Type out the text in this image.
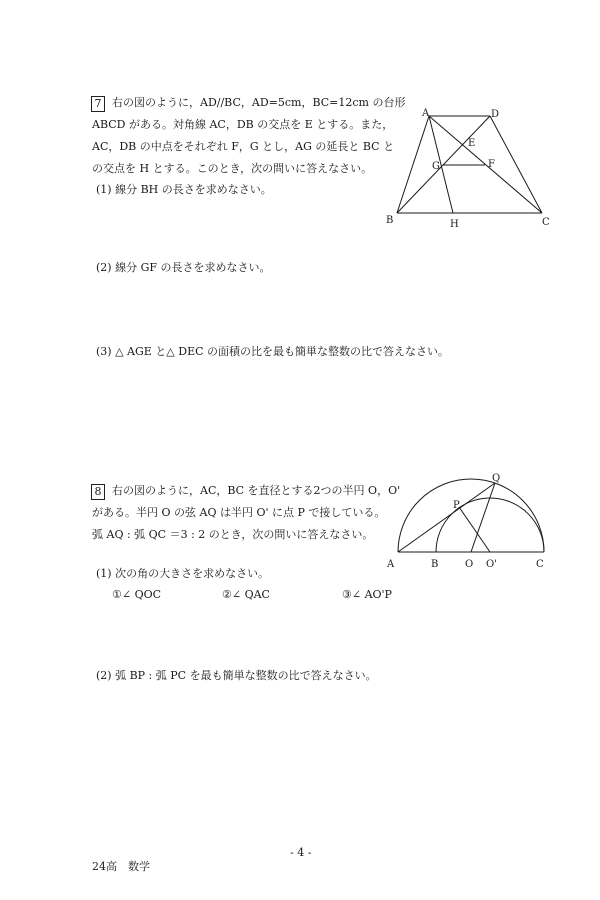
7 右の図のように，AD//BC，AD=5cm，BC=12cm の台形
ABCD がある。対角線 AC，DB の交点を E とする。また，
AC，DB の中点をそれぞれ F，G とし，AG の延長と BC と
の交点を H とする。このとき，次の問いに答えなさい。
(1) 線分 BH の長さを求めなさい。
(2) 線分 GF の長さを求めなさい。
(3) △ AGE と△ DEC の面積の比を最も簡単な整数の比で答えなさい。
A	D
E
G	F
B	H	C
8 右の図のように，AC，BC を直径とする2つの半円 O，O'
がある。半円 O の弦 AQ は半円 O' に点 P で接している。
弧 AQ : 弧 QC ＝3 : 2 のとき，次の問いに答えなさい。
(1) 次の角の大きさを求めなさい。
①∠ QOC	②∠ QAC	③∠ AO'P
(2) 弧 BP : 弧 PC を最も簡単な整数の比で答えなさい。
A	B	O O'	C
P
Q
- 4 -
24高　数学
